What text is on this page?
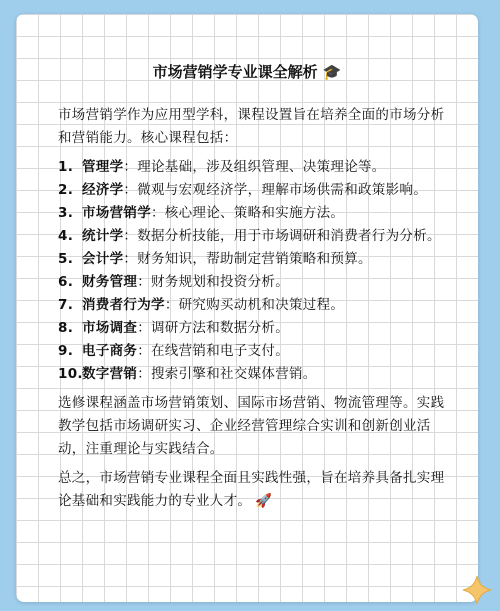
市场营销学专业课全解析 🎓

市场营销学作为应用型学科，课程设置旨在培养全面的市场分析和营销能力。核心课程包括：

1. 管理学：理论基础，涉及组织管理、决策理论等。
2. 经济学：微观与宏观经济学，理解市场供需和政策影响。
3. 市场营销学：核心理论、策略和实施方法。
4. 统计学：数据分析技能，用于市场调研和消费者行为分析。
5. 会计学：财务知识，帮助制定营销策略和预算。
6. 财务管理：财务规划和投资分析。
7. 消费者行为学：研究购买动机和决策过程。
8. 市场调查：调研方法和数据分析。
9. 电子商务：在线营销和电子支付。
10. 数字营销：搜索引擎和社交媒体营销。

选修课程涵盖市场营销策划、国际市场营销、物流管理等。实践教学包括市场调研实习、企业经营管理综合实训和创新创业活动，注重理论与实践结合。

总之，市场营销专业课程全面且实践性强，旨在培养具备扎实理论基础和实践能力的专业人才。 🚀
